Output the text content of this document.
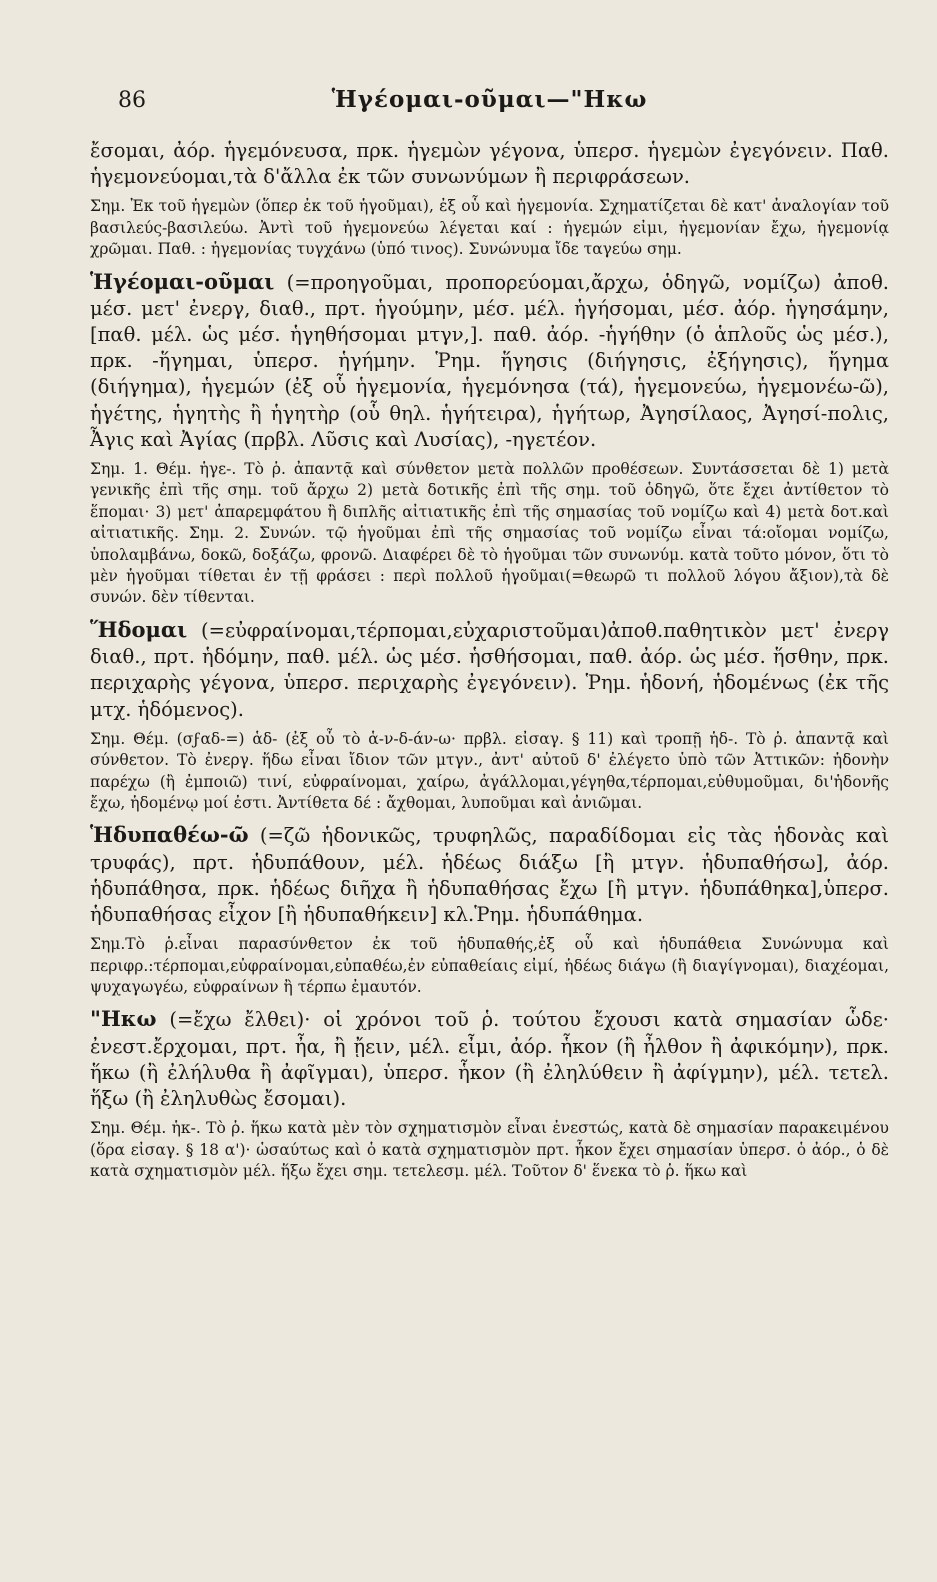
86	Ἡγέομαι-οῦμαι—"Ηκω

ἔσομαι, ἀόρ. ἡγεμόνευσα, πρκ. ἡγεμὼν γέγονα, ὑπερσ. ἡγεμὼν ἐγεγόνειν. Παθ. ἡγεμονεύομαι,τὰ δ'ἄλλα ἐκ τῶν συνωνύμων ἢ περιφράσεων.

Σημ. Ἐκ τοῦ ἡγεμὼν (ὅπερ ἐκ τοῦ ἡγοῦμαι), ἐξ οὗ καὶ ἡγεμονία. Σχηματίζεται δὲ κατ' ἀναλογίαν τοῦ βασιλεύς-βασιλεύω. Ἀντὶ τοῦ ἡγεμονεύω λέγεται καί : ἡγεμών εἰμι, ἡγεμονίαν ἔχω, ἡγεμονίᾳ χρῶμαι. Παθ. : ἡγεμονίας τυγχάνω (ὑπό τινος). Συνώνυμα ἴδε ταγεύω σημ.

Ἡγέομαι-οῦμαι (=προηγοῦμαι, προπορεύομαι,ἄρχω, ὁδηγῶ, νομίζω) ἀποθ. μέσ. μετ' ἐνεργ, διαθ., πρτ. ἡγούμην, μέσ. μέλ. ἡγήσομαι, μέσ. ἀόρ. ἡγησάμην, [παθ. μέλ. ὡς μέσ. ἡγηθήσομαι μτγν,]. παθ. ἀόρ. -ἡγήθην (ὁ ἁπλοῦς ὡς μέσ.), πρκ. -ἥγημαι, ὑπερσ. ἡγήμην. Ῥημ. ἥγησις (διήγησις, ἐξήγησις), ἥγημα (διήγημα), ἡγεμών (ἐξ οὗ ἡγεμονία, ἡγεμόνησα (τά), ἡγεμονεύω, ἡγεμονέω-ῶ), ἡγέτης, ἡγητὴς ἢ ἡγητὴρ (οὗ θηλ. ἡγήτειρα), ἡγήτωρ, Ἀγησίλαος, Ἀγησί-πολις, Ἆγις καὶ Ἀγίας (πρβλ. Λῦσις καὶ Λυσίας), -ηγετέον.

Σημ. 1. Θέμ. ἡγε-. Τὸ ῥ. ἀπαντᾷ καὶ σύνθετον μετὰ πολλῶν προθέσεων. Συντάσσεται δὲ 1) μετὰ γενικῆς ἐπὶ τῆς σημ. τοῦ ἄρχω 2) μετὰ δοτικῆς ἐπὶ τῆς σημ. τοῦ ὁδηγῶ, ὅτε ἔχει ἀντίθετον τὸ ἕπομαι· 3) μετ' ἀπαρεμφάτου ἢ διπλῆς αἰτιατικῆς ἐπὶ τῆς σημασίας τοῦ νομίζω καὶ 4) μετὰ δοτ.καὶ αἰτιατικῆς. Σημ. 2. Συνών. τῷ ἡγοῦμαι ἐπὶ τῆς σημασίας τοῦ νομίζω εἶναι τά:οἴομαι νομίζω, ὑπολαμβάνω, δοκῶ, δοξάζω, φρονῶ. Διαφέρει δὲ τὸ ἡγοῦμαι τῶν συνωνύμ. κατὰ τοῦτο μόνον, ὅτι τὸ μὲν ἡγοῦμαι τίθεται ἐν τῇ φράσει : περὶ πολλοῦ ἡγοῦμαι(=θεωρῶ τι πολλοῦ λόγου ἄξιον),τὰ δὲ συνών. δὲν τίθενται.

Ἥδομαι (=εὐφραίνομαι,τέρπομαι,εὐχαριστοῦμαι)ἀποθ.παθητικὸν μετ' ἐνεργ διαθ., πρτ. ἡδόμην, παθ. μέλ. ὡς μέσ. ἡσθήσομαι, παθ. ἀόρ. ὡς μέσ. ἥσθην, πρκ. περιχαρὴς γέγονα, ὑπερσ. περιχαρὴς ἐγεγόνειν). Ῥημ. ἡδονή, ἡδομένως (ἐκ τῆς μτχ. ἡδόμενος).

Σημ. Θέμ. (σϝαδ-=) ἁδ- (ἐξ οὗ τὸ ἁ-ν-δ-άν-ω· πρβλ. εἰσαγ. § 11) καὶ τροπῇ ἡδ-. Τὸ ῥ. ἀπαντᾷ καὶ σύνθετον. Τὸ ἐνεργ. ἥδω εἶναι ἴδιον τῶν μτγν., ἀντ' αὐτοῦ δ' ἐλέγετο ὑπὸ τῶν Ἀττικῶν: ἡδονὴν παρέχω (ἢ ἐμποιῶ) τινί, εὐφραίνομαι, χαίρω, ἀγάλλομαι,γέγηθα,τέρπομαι,εὐθυμοῦμαι, δι'ἡδονῆς ἔχω, ἡδομένῳ μοί ἐστι. Ἀντίθετα δέ : ἄχθομαι, λυποῦμαι καὶ ἀνιῶμαι.

Ἡδυπαθέω-ῶ (=ζῶ ἡδονικῶς, τρυφηλῶς, παραδίδομαι εἰς τὰς ἡδονὰς καὶ τρυφάς), πρτ. ἡδυπάθουν, μέλ. ἡδέως διάξω [ἢ μτγν. ἡδυπαθήσω], ἀόρ. ἡδυπάθησα, πρκ. ἡδέως διῆχα ἢ ἡδυπαθήσας ἔχω [ἢ μτγν. ἡδυπάθηκα],ὑπερσ. ἡδυπαθήσας εἶχον [ἢ ἡδυπαθήκειν] κλ.Ῥημ. ἡδυπάθημα.

Σημ.Τὸ ῥ.εἶναι παρασύνθετον ἐκ τοῦ ἡδυπαθής,ἐξ οὗ καὶ ἡδυπάθεια Συνώνυμα καὶ περιφρ.:τέρπομαι,εὐφραίνομαι,εὐπαθέω,ἐν εὐπαθείαις εἰμί, ἡδέως διάγω (ἢ διαγίγνομαι), διαχέομαι, ψυχαγωγέω, εὐφραίνων ἢ τέρπω ἐμαυτόν.

"Ηκω (=ἔχω ἔλθει)· οἱ χρόνοι τοῦ ῥ. τούτου ἔχουσι κατὰ σημασίαν ὧδε· ἐνεστ.ἔρχομαι, πρτ. ἦα, ἢ ᾔειν, μέλ. εἶμι, ἀόρ. ἧκον (ἢ ἦλθον ἢ ἀφικόμην), πρκ. ἥκω (ἢ ἐλήλυθα ἢ ἀφῖγμαι), ὑπερσ. ἧκον (ἢ ἐληλύθειν ἢ ἀφίγμην), μέλ. τετελ. ἥξω (ἢ ἐληλυθὼς ἔσομαι).

Σημ. Θέμ. ἡκ-. Τὸ ῥ. ἥκω κατὰ μὲν τὸν σχηματισμὸν εἶναι ἐνεστώς, κατὰ δὲ σημασίαν παρακειμένου (ὅρα εἰσαγ. § 18 α')· ὡσαύτως καὶ ὁ κατὰ σχηματισμὸν πρτ. ἧκον ἔχει σημασίαν ὑπερσ. ὁ ἀόρ., ὁ δὲ κατὰ σχηματισμὸν μέλ. ἥξω ἔχει σημ. τετελεσμ. μέλ. Τοῦτον δ' ἕνεκα τὸ ῥ. ἥκω καὶ
